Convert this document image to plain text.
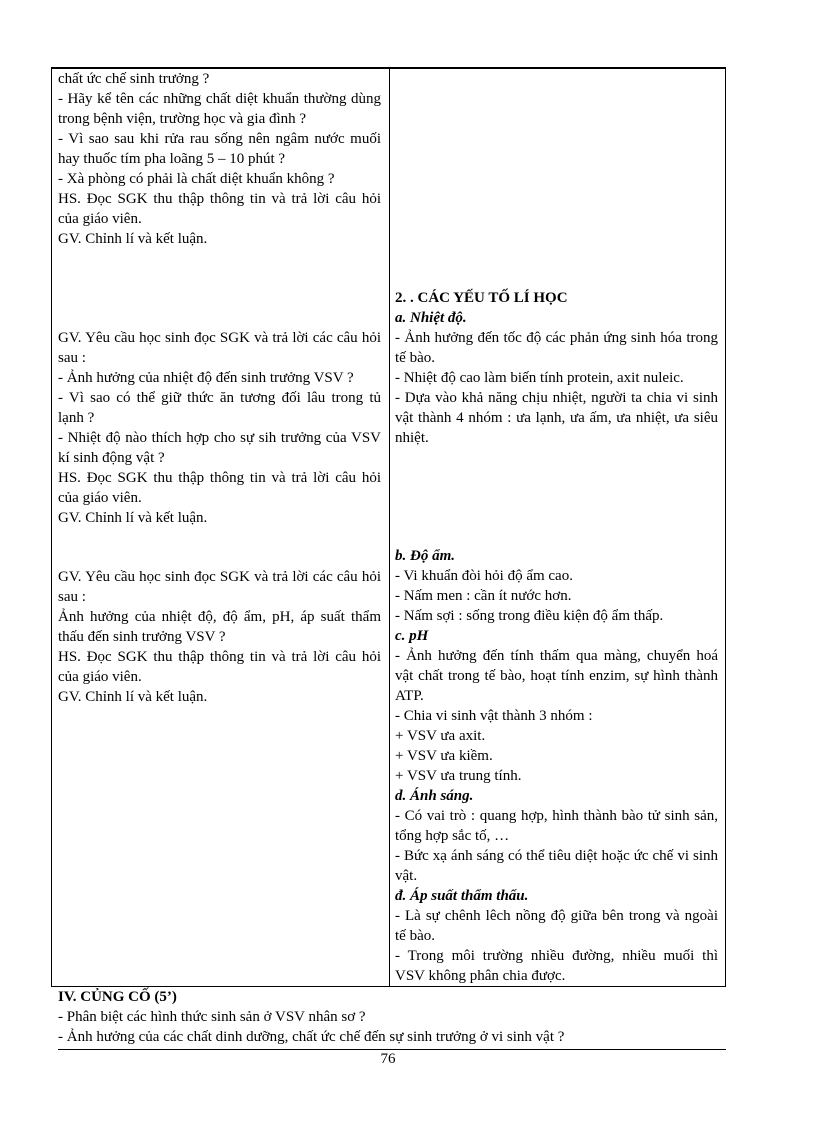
chất ức chế sinh trưởng ?

- Hãy kể tên các những chất diệt khuẩn thường dùng trong bệnh viện, trường học và gia đình ?

- Vì sao sau khi rửa rau sống nên ngâm nước muối hay thuốc tím pha loãng 5 – 10 phút ?

- Xà phòng có phải là chất diệt khuẩn không ?

HS. Đọc SGK thu thập thông tin và trả lời câu hỏi của giáo viên.

GV. Chỉnh lí và kết luận.

GV. Yêu cầu học sinh đọc SGK và trả lời các câu hỏi sau :

- Ảnh hưởng của nhiệt độ đến sinh trưởng VSV ?

- Vì sao có thể giữ thức ăn tương đối lâu trong tủ lạnh ?

- Nhiệt độ nào thích hợp cho sự sih trưởng của VSV kí sinh động vật ?

HS. Đọc SGK thu thập thông tin và trả lời câu hỏi của giáo viên.

GV. Chỉnh lí và kết luận.

GV. Yêu cầu học sinh đọc SGK và trả lời các câu hỏi sau :

Ảnh hưởng của nhiệt độ, độ ẩm, pH, áp suất thẩm thấu đến sinh trưởng VSV ?

HS. Đọc SGK thu thập thông tin và trả lời câu hỏi của giáo viên.

GV. Chỉnh lí và kết luận.

2. . CÁC YẾU TỐ LÍ HỌC

a. Nhiệt độ.

- Ảnh hưởng đến tốc độ các phản ứng sinh hóa trong tế bào.

- Nhiệt độ cao làm biến tính protein, axit nuleic.

- Dựa vào khả năng chịu nhiệt, người ta chia vi sinh vật thành 4 nhóm : ưa lạnh, ưa ấm, ưa nhiệt, ưa siêu nhiệt.

b. Độ ẩm.

- Vi khuẩn đòi hỏi độ ẩm cao.

- Nấm men : cần ít nước hơn.

- Nấm sợi : sống trong điều kiện độ ẩm thấp.

c. pH

- Ảnh hưởng đến tính thấm qua màng, chuyển hoá vật chất trong tế bào, hoạt tính enzim, sự hình thành ATP.

- Chia vi sinh vật thành 3 nhóm :

+ VSV ưa axit.

+ VSV ưa kiềm.

+ VSV ưa trung tính.

d. Ánh sáng.

- Có vai trò : quang hợp, hình thành bào tử sinh sản, tổng hợp sắc tố, …

- Bức xạ ánh sáng có thể tiêu diệt hoặc ức chế vi sinh vật.

đ. Áp suất thẩm thấu.

- Là sự chênh lêch nồng độ giữa bên trong và ngoài tế bào.

- Trong môi trường nhiều đường, nhiều muối thì VSV không phân chia được.

IV. CỦNG CỐ (5’)

- Phân biệt các hình thức sinh sản ở VSV nhân sơ ?

- Ảnh hưởng của các chất dinh dưỡng, chất ức chế đến sự sinh trưởng ở vi sinh vật ?

76
